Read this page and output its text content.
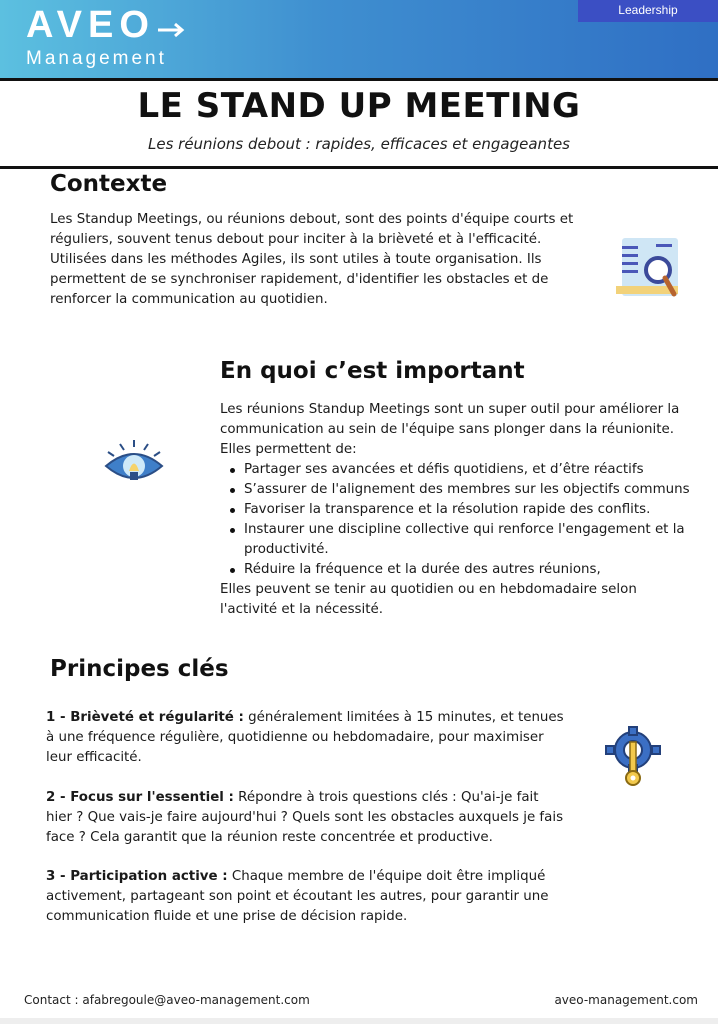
AVEO
Management
Leadership
LE STAND UP MEETING
Les réunions debout : rapides, efficaces et engageantes
Contexte

Les Standup Meetings, ou réunions debout, sont des points d'équipe courts et réguliers, souvent tenus debout pour inciter à la brièveté et à l'efficacité. Utilisées dans les méthodes Agiles, ils sont utiles à toute organisation. Ils permettent de se synchroniser rapidement, d'identifier les obstacles et de renforcer la communication au quotidien.

En quoi c’est important

Les réunions Standup Meetings sont un super outil pour améliorer la communication au sein de l'équipe sans plonger dans la réunionite. Elles permettent de:

Partager ses avancées et défis quotidiens, et d’être réactifs
S’assurer de l'alignement des membres sur les objectifs communs
Favoriser la transparence et la résolution rapide des conflits.
Instaurer une discipline collective qui renforce l'engagement et la productivité.
Réduire la fréquence et la durée des autres réunions,

Elles peuvent se tenir au quotidien ou en hebdomadaire selon l'activité et la nécessité.

Principes clés

1 - Brièveté et régularité : généralement limitées à 15 minutes, et tenues à une fréquence régulière, quotidienne ou hebdomadaire, pour maximiser leur efficacité.

2 - Focus sur l'essentiel : Répondre à trois questions clés : Qu'ai-je fait hier ? Que vais-je faire aujourd'hui ? Quels sont les obstacles auxquels je fais face ? Cela garantit que la réunion reste concentrée et productive.

3 - Participation active : Chaque membre de l'équipe doit être impliqué activement, partageant son point et écoutant les autres, pour garantir une communication fluide et une prise de décision rapide.

Contact : afabregoule@aveo-management.com	aveo-management.com
